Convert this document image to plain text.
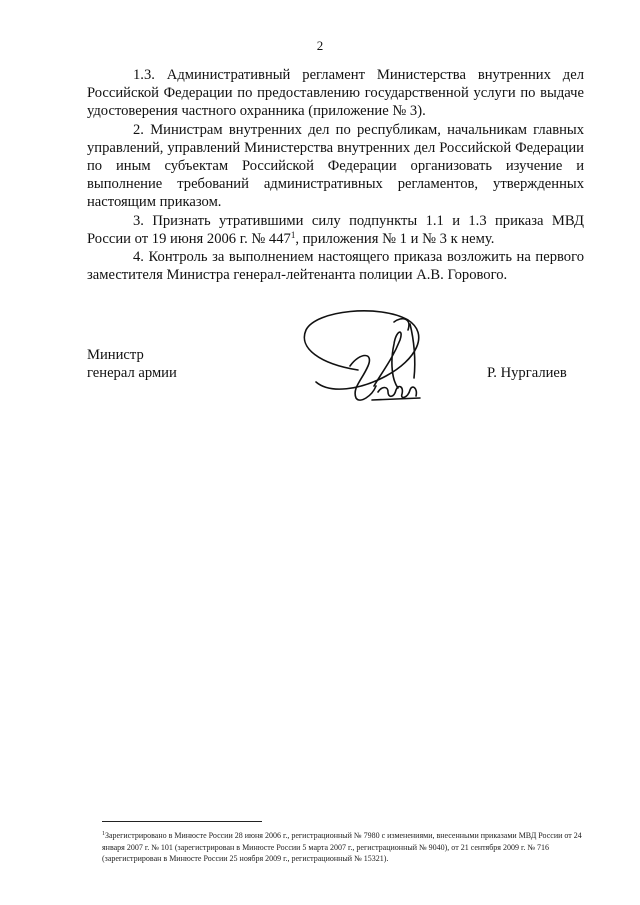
2

1.3. Административный регламент Министерства внутренних дел Российской Федерации по предоставлению государственной услуги по выдаче удостоверения частного охранника (приложение № 3).

2. Министрам внутренних дел по республикам, начальникам главных управлений, управлений Министерства внутренних дел Российской Федерации по иным субъектам Российской Федерации организовать изучение и выполнение требований административных регламентов, утвержденных настоящим приказом.

3. Признать утратившими силу подпункты 1.1 и 1.3 приказа МВД России от 19 июня 2006 г. № $447^1$, приложения № 1 и № 3 к нему.

4. Контроль за выполнением настоящего приказа возложить на первого заместителя Министра генерал-лейтенанта полиции А.В. Горового.

Министр
генерал армии	Р. Нургалиев
$^1$Зарегистрировано в Минюсте России 28 июня 2006 г., регистрационный № 7980 с изменениями, внесенными приказами МВД России от 24 января 2007 г. № 101 (зарегистрирован в Минюсте России 5 марта 2007 г., регистрационный № 9040), от 21 сентября 2009 г. № 716 (зарегистрирован в Минюсте России 25 ноября 2009 г., регистрационный № 15321).
